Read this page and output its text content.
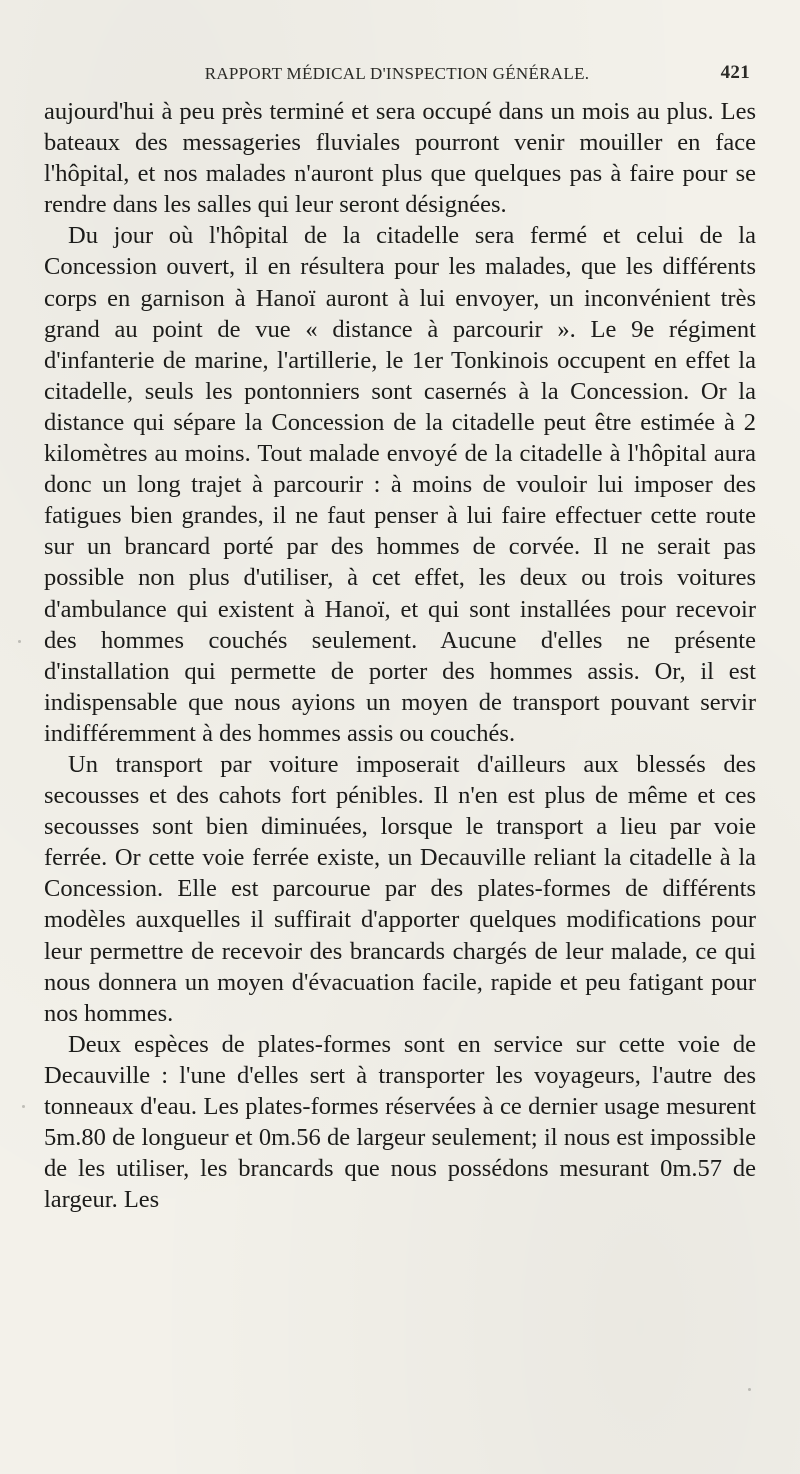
RAPPORT MÉDICAL D'INSPECTION GÉNÉRALE.	421

aujourd'hui à peu près terminé et sera occupé dans un mois au plus. Les bateaux des messageries fluviales pourront venir mouiller en face l'hôpital, et nos malades n'auront plus que quelques pas à faire pour se rendre dans les salles qui leur seront désignées.

Du jour où l'hôpital de la citadelle sera fermé et celui de la Concession ouvert, il en résultera pour les malades, que les différents corps en garnison à Hanoï auront à lui envoyer, un inconvénient très grand au point de vue « distance à parcourir ». Le 9e régiment d'infanterie de marine, l'artillerie, le 1er Tonkinois occupent en effet la citadelle, seuls les pontonniers sont casernés à la Concession. Or la distance qui sépare la Concession de la citadelle peut être estimée à 2 kilomètres au moins. Tout malade envoyé de la citadelle à l'hôpital aura donc un long trajet à parcourir : à moins de vouloir lui imposer des fatigues bien grandes, il ne faut penser à lui faire effectuer cette route sur un brancard porté par des hommes de corvée. Il ne serait pas possible non plus d'utiliser, à cet effet, les deux ou trois voitures d'ambulance qui existent à Hanoï, et qui sont installées pour recevoir des hommes couchés seulement. Aucune d'elles ne présente d'installation qui permette de porter des hommes assis. Or, il est indispensable que nous ayions un moyen de transport pouvant servir indifféremment à des hommes assis ou couchés.

Un transport par voiture imposerait d'ailleurs aux blessés des secousses et des cahots fort pénibles. Il n'en est plus de même et ces secousses sont bien diminuées, lorsque le transport a lieu par voie ferrée. Or cette voie ferrée existe, un Decauville reliant la citadelle à la Concession. Elle est parcourue par des plates-formes de différents modèles auxquelles il suffirait d'apporter quelques modifications pour leur permettre de recevoir des brancards chargés de leur malade, ce qui nous donnera un moyen d'évacuation facile, rapide et peu fatigant pour nos hommes.

Deux espèces de plates-formes sont en service sur cette voie de Decauville : l'une d'elles sert à transporter les voyageurs, l'autre des tonneaux d'eau. Les plates-formes réservées à ce dernier usage mesurent 5m.80 de longueur et 0m.56 de largeur seulement; il nous est impossible de les utiliser, les brancards que nous possédons mesurant 0m.57 de largeur. Les
